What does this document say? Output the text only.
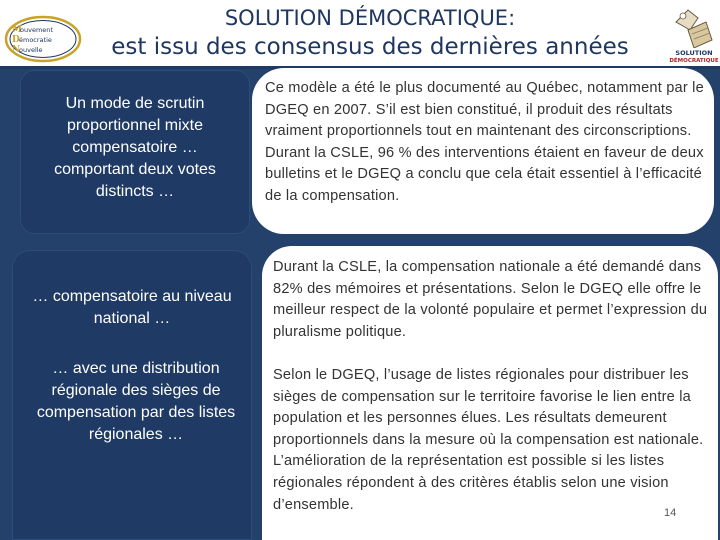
M
ouvement
D émocratie
N
ouvelle
SOLUTION DÉMOCRATIQUE:
est issu des consensus des dernières années	SOLUTION
DÉMOCRATIQUE
Un mode de scrutin proportionnel mixte compensatoire … comportant deux votes distincts …
… compensatoire au niveau national …
… avec une distribution régionale des sièges de compensation par des listes régionales …
Ce modèle a été le plus documenté au Québec, notamment par le DGEQ en 2007. S’il est bien constitué, il produit des résultats vraiment proportionnels tout en maintenant des circonscriptions. Durant la CSLE, 96 % des interventions étaient en faveur de deux bulletins et le DGEQ a conclu que cela était essentiel à l’efficacité de la compensation.
Durant la CSLE, la compensation nationale a été demandé dans 82% des mémoires et présentations. Selon le DGEQ elle offre le meilleur respect de la volonté populaire et permet l’expression du pluralisme politique.
Selon le DGEQ, l’usage de listes régionales pour distribuer les sièges de compensation sur le territoire favorise le lien entre la population et les personnes élues. Les résultats demeurent proportionnels dans la mesure où la compensation est nationale. L’amélioration de la représentation est possible si les listes régionales répondent à des critères établis selon une vision d’ensemble.
14
